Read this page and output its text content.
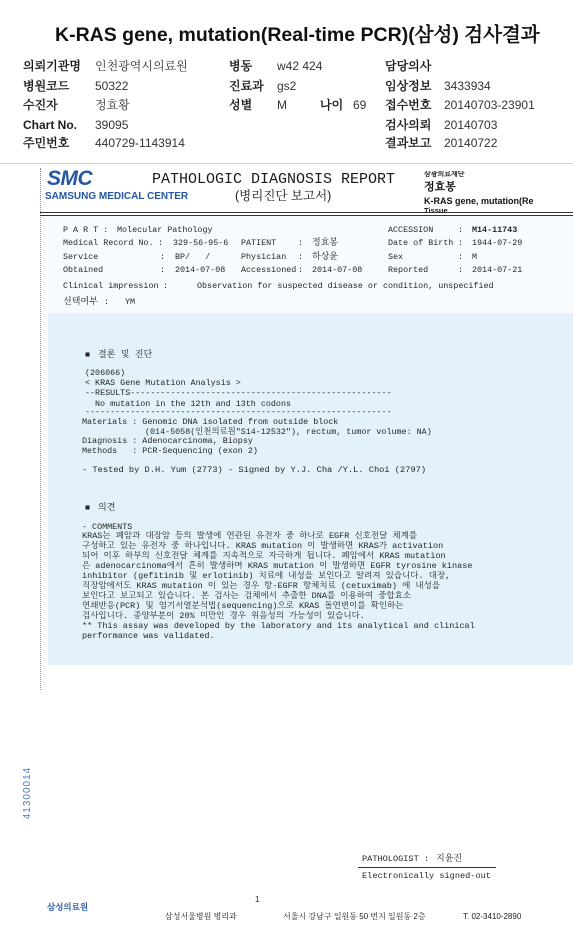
K-RAS gene, mutation(Real-time PCR)(삼성) 검사결과
의뢰기관명 인천광역시의료원	병동 w42 424	담당의사
병원코드 50322	진료과 gs2	임상정보 3433934
수진자	정효황	성별 M	나이 69 접수번호 20140703-23901
Chart No. 39095	검사의뢰 20140703
주민번호 440729-1143914	결과보고 20140722
SMC
SAMSUNG MEDICAL CENTER
PATHOLOGIC DIAGNOSIS REPORT
(병리진단 보고서)
삼광의료재단
정효봉
K-RAS gene, mutation(Re
Tissue
P A R T : Molecular Pathology	ACCESSION	: M14-11743
Medical Record No. : 329-56-95-6 PATIENT	: 정효봉	Date of Birth : 1944-07-29
Service	: BP/   /	Physician : 하상윤	Sex	: M
Obtained	: 2014-07-08 Accessioned : 2014-07-08	Reported	: 2014-07-21
Clinical impression :	Observation for suspected disease or condition, unspecified
선택여부 : YM
■ 결론 및 진단
(206066)
< KRAS Gene Mutation Analysis >
--RESULTS----------------------------------------------------
No mutation in the 12th and 13th codons
-------------------------------------------------------------
Materials : Genomic DNA isolated from outside block
(014-5058(인천의료원"S14-12532"), rectum, tumor volume: NA)
Diagnosis : Adenocarcinoma, Biopsy
Methods   : PCR-Sequencing (exon 2)
- Tested by D.H. Yum (2773) - Signed by Y.J. Cha /Y.L. Choi (2797)
■ 의견
- COMMENTS
KRAS는 폐암과 대장암 등의 발생에 연관된 유전자 중 하나로 EGFR 신호전달 체계를
구성하고 있는 유전자 중 하나입니다. KRAS mutation 이 발생하면 KRAS가 activation
되어 이후 하부의 신호전달 체계를 지속적으로 자극하게 됩니다. 폐암에서 KRAS mutation
은 adenocarcinoma에서 흔히 발생하며 KRAS mutation 이 발생하면 EGFR tyrosine kinase
inhibitor (gefitinib 및 erlotinib) 치료에 내성을 보인다고 알려져 있습니다. 대장,
직장암에서도 KRAS mutation 이 있는 경우 항-EGFR 항체치료 (cetuximab) 에 내성을
보인다고 보고되고 있습니다. 본 검사는 검체에서 추출한 DNA를 이용하여 중합효소
연쇄반응(PCR) 및 염기서열분석법(sequencing)으로 KRAS 돌연변이를 확인하는
검사입니다. 종양부분이 20% 미만인 경우 위음성의 가능성이 있습니다.
** This assay was developed by the laboratory and its analytical and clinical
performance was validated.
41300014
PATHOLOGIST : 지윤진
Electronically signed-out
삼성의료원
1
삼성서울병원 병리과	서울시 강남구 일원동 50 번지 일원동 2층	T. 02-3410-2890
